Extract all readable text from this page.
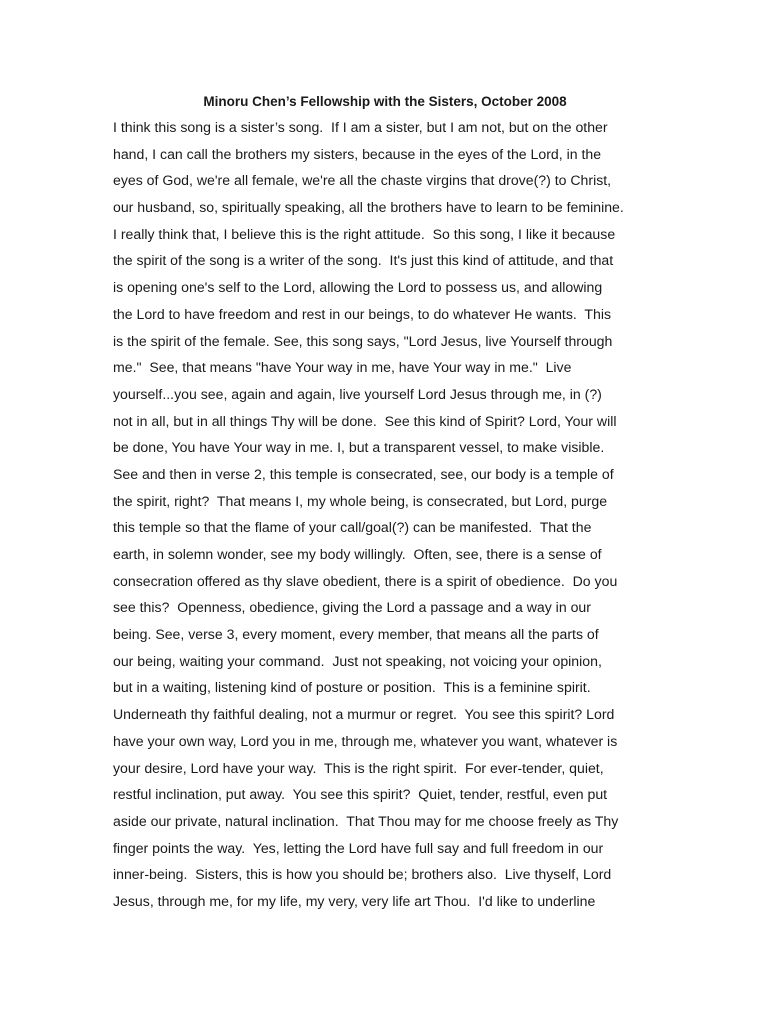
Minoru Chen’s Fellowship with the Sisters, October 2008
I think this song is a sister’s song.  If I am a sister, but I am not, but on the other
hand, I can call the brothers my sisters, because in the eyes of the Lord, in the
eyes of God, we're all female, we're all the chaste virgins that drove(?) to Christ,
our husband, so, spiritually speaking, all the brothers have to learn to be feminine.
I really think that, I believe this is the right attitude.  So this song, I like it because
the spirit of the song is a writer of the song.  It's just this kind of attitude, and that
is opening one's self to the Lord, allowing the Lord to possess us, and allowing
the Lord to have freedom and rest in our beings, to do whatever He wants.  This
is the spirit of the female. See, this song says, "Lord Jesus, live Yourself through
me."  See, that means "have Your way in me, have Your way in me."  Live
yourself...you see, again and again, live yourself Lord Jesus through me, in (?)
not in all, but in all things Thy will be done.  See this kind of Spirit? Lord, Your will
be done, You have Your way in me. I, but a transparent vessel, to make visible.
See and then in verse 2, this temple is consecrated, see, our body is a temple of
the spirit, right?  That means I, my whole being, is consecrated, but Lord, purge
this temple so that the flame of your call/goal(?) can be manifested.  That the
earth, in solemn wonder, see my body willingly.  Often, see, there is a sense of
consecration offered as thy slave obedient, there is a spirit of obedience.  Do you
see this?  Openness, obedience, giving the Lord a passage and a way in our
being. See, verse 3, every moment, every member, that means all the parts of
our being, waiting your command.  Just not speaking, not voicing your opinion,
but in a waiting, listening kind of posture or position.  This is a feminine spirit.
Underneath thy faithful dealing, not a murmur or regret.  You see this spirit? Lord
have your own way, Lord you in me, through me, whatever you want, whatever is
your desire, Lord have your way.  This is the right spirit.  For ever-tender, quiet,
restful inclination, put away.  You see this spirit?  Quiet, tender, restful, even put
aside our private, natural inclination.  That Thou may for me choose freely as Thy
finger points the way.  Yes, letting the Lord have full say and full freedom in our
inner-being.  Sisters, this is how you should be; brothers also.  Live thyself, Lord
Jesus, through me, for my life, my very, very life art Thou.  I'd like to underline
